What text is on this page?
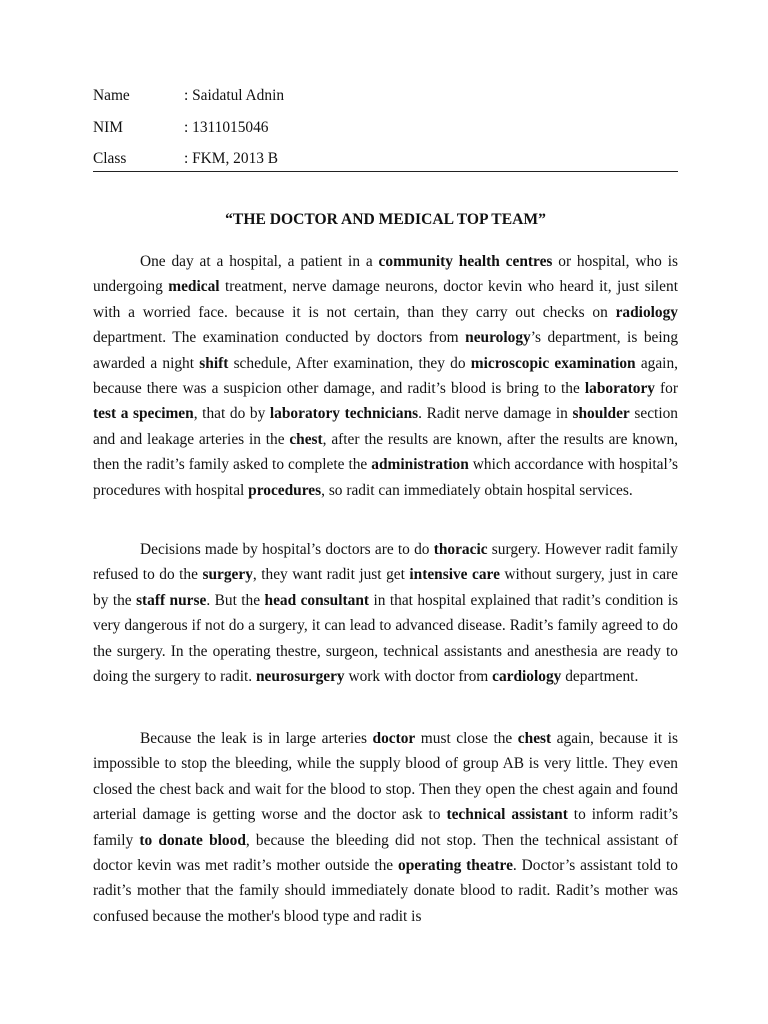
Name	: Saidatul Adnin
NIM	: 1311015046
Class	: FKM, 2013 B
“THE DOCTOR AND MEDICAL TOP TEAM”

One day at a hospital, a patient in a community health centres or hospital, who is undergoing medical treatment, nerve damage neurons, doctor kevin who heard it, just silent with a worried face. because it is not certain, than they carry out checks on radiology department. The examination conducted by doctors from neurology’s department, is being awarded a night shift schedule, After examination, they do microscopic examination again, because there was a suspicion other damage, and radit’s blood is bring to the laboratory for test a specimen, that do by laboratory technicians. Radit nerve damage in shoulder section and and leakage arteries in the chest, after the results are known, after the results are known, then the radit’s family asked to complete the administration which accordance with hospital’s procedures with hospital procedures, so radit can immediately obtain hospital services.

Decisions made by hospital’s doctors are to do thoracic surgery. However radit family refused to do the surgery, they want radit just get intensive care without surgery, just in care by the staff nurse. But the head consultant in that hospital explained that radit’s condition is very dangerous if not do a surgery, it can lead to advanced disease. Radit’s family agreed to do the surgery. In the operating thestre, surgeon, technical assistants and anesthesia are ready to doing the surgery to radit. neurosurgery work with doctor from cardiology department.

Because the leak is in large arteries doctor must close the chest again, because it is impossible to stop the bleeding, while the supply blood of group AB is very little. They even closed the chest back and wait for the blood to stop. Then they open the chest again and found arterial damage is getting worse and the doctor ask to technical assistant to inform radit’s family to donate blood, because the bleeding did not stop. Then the technical assistant of doctor kevin was met radit’s mother outside the operating theatre. Doctor’s assistant told to radit’s mother that the family should immediately donate blood to radit. Radit’s mother was confused because the mother's blood type and radit is
